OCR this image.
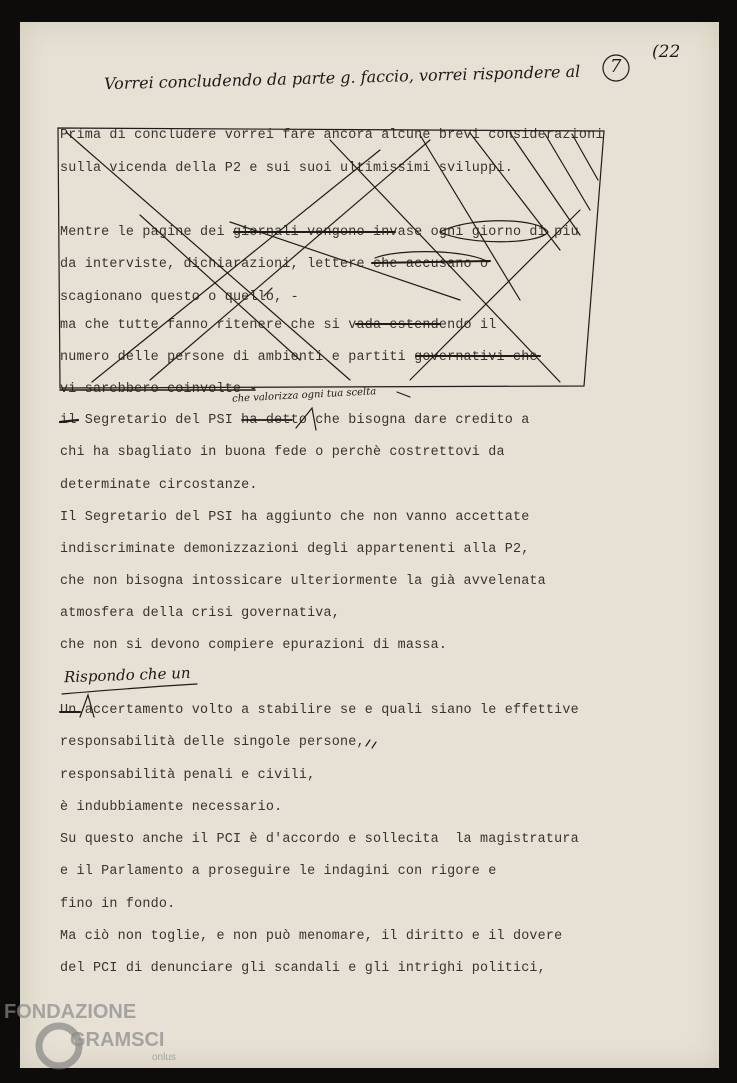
Vorrei concludendo da parte g. faccio, vorrei rispondere al 7
(22
che valorizza ogni tua scelta
Rispondo che un

Prima di concludere vorrei fare ancora alcune brevi considerazioni

sulla vicenda della P2 e sui suoi ultimissimi sviluppi.

Mentre le pagine dei giornali vengono invase ogni giorno di più

da interviste, dichiarazioni, lettere che accusano o

scagionano questo o quello, -

ma che tutte fanno ritenere che si vada estendendo il

numero delle persone di ambienti e partiti governativi che

vi sarebbero coinvolte -

il Segretario del PSI ha detto che bisogna dare credito a

chi ha sbagliato in buona fede o perchè costrettovi da

determinate circostanze.

Il Segretario del PSI ha aggiunto che non vanno accettate

indiscriminate demonizzazioni degli appartenenti alla P2,

che non bisogna intossicare ulteriormente la già avvelenata

atmosfera della crisi governativa,

che non si devono compiere epurazioni di massa.

Un accertamento volto a stabilire se e quali siano le effettive

responsabilità delle singole persone,

responsabilità penali e civili,

è indubbiamente necessario.

Su questo anche il PCI è d'accordo e sollecita  la magistratura

e il Parlamento a proseguire le indagini con rigore e

fino in fondo.

Ma ciò non toglie, e non può menomare, il diritto e il dovere

del PCI di denunciare gli scandali e gli intrighi politici,

FONDAZIONE
GRAMSCI
onlus
